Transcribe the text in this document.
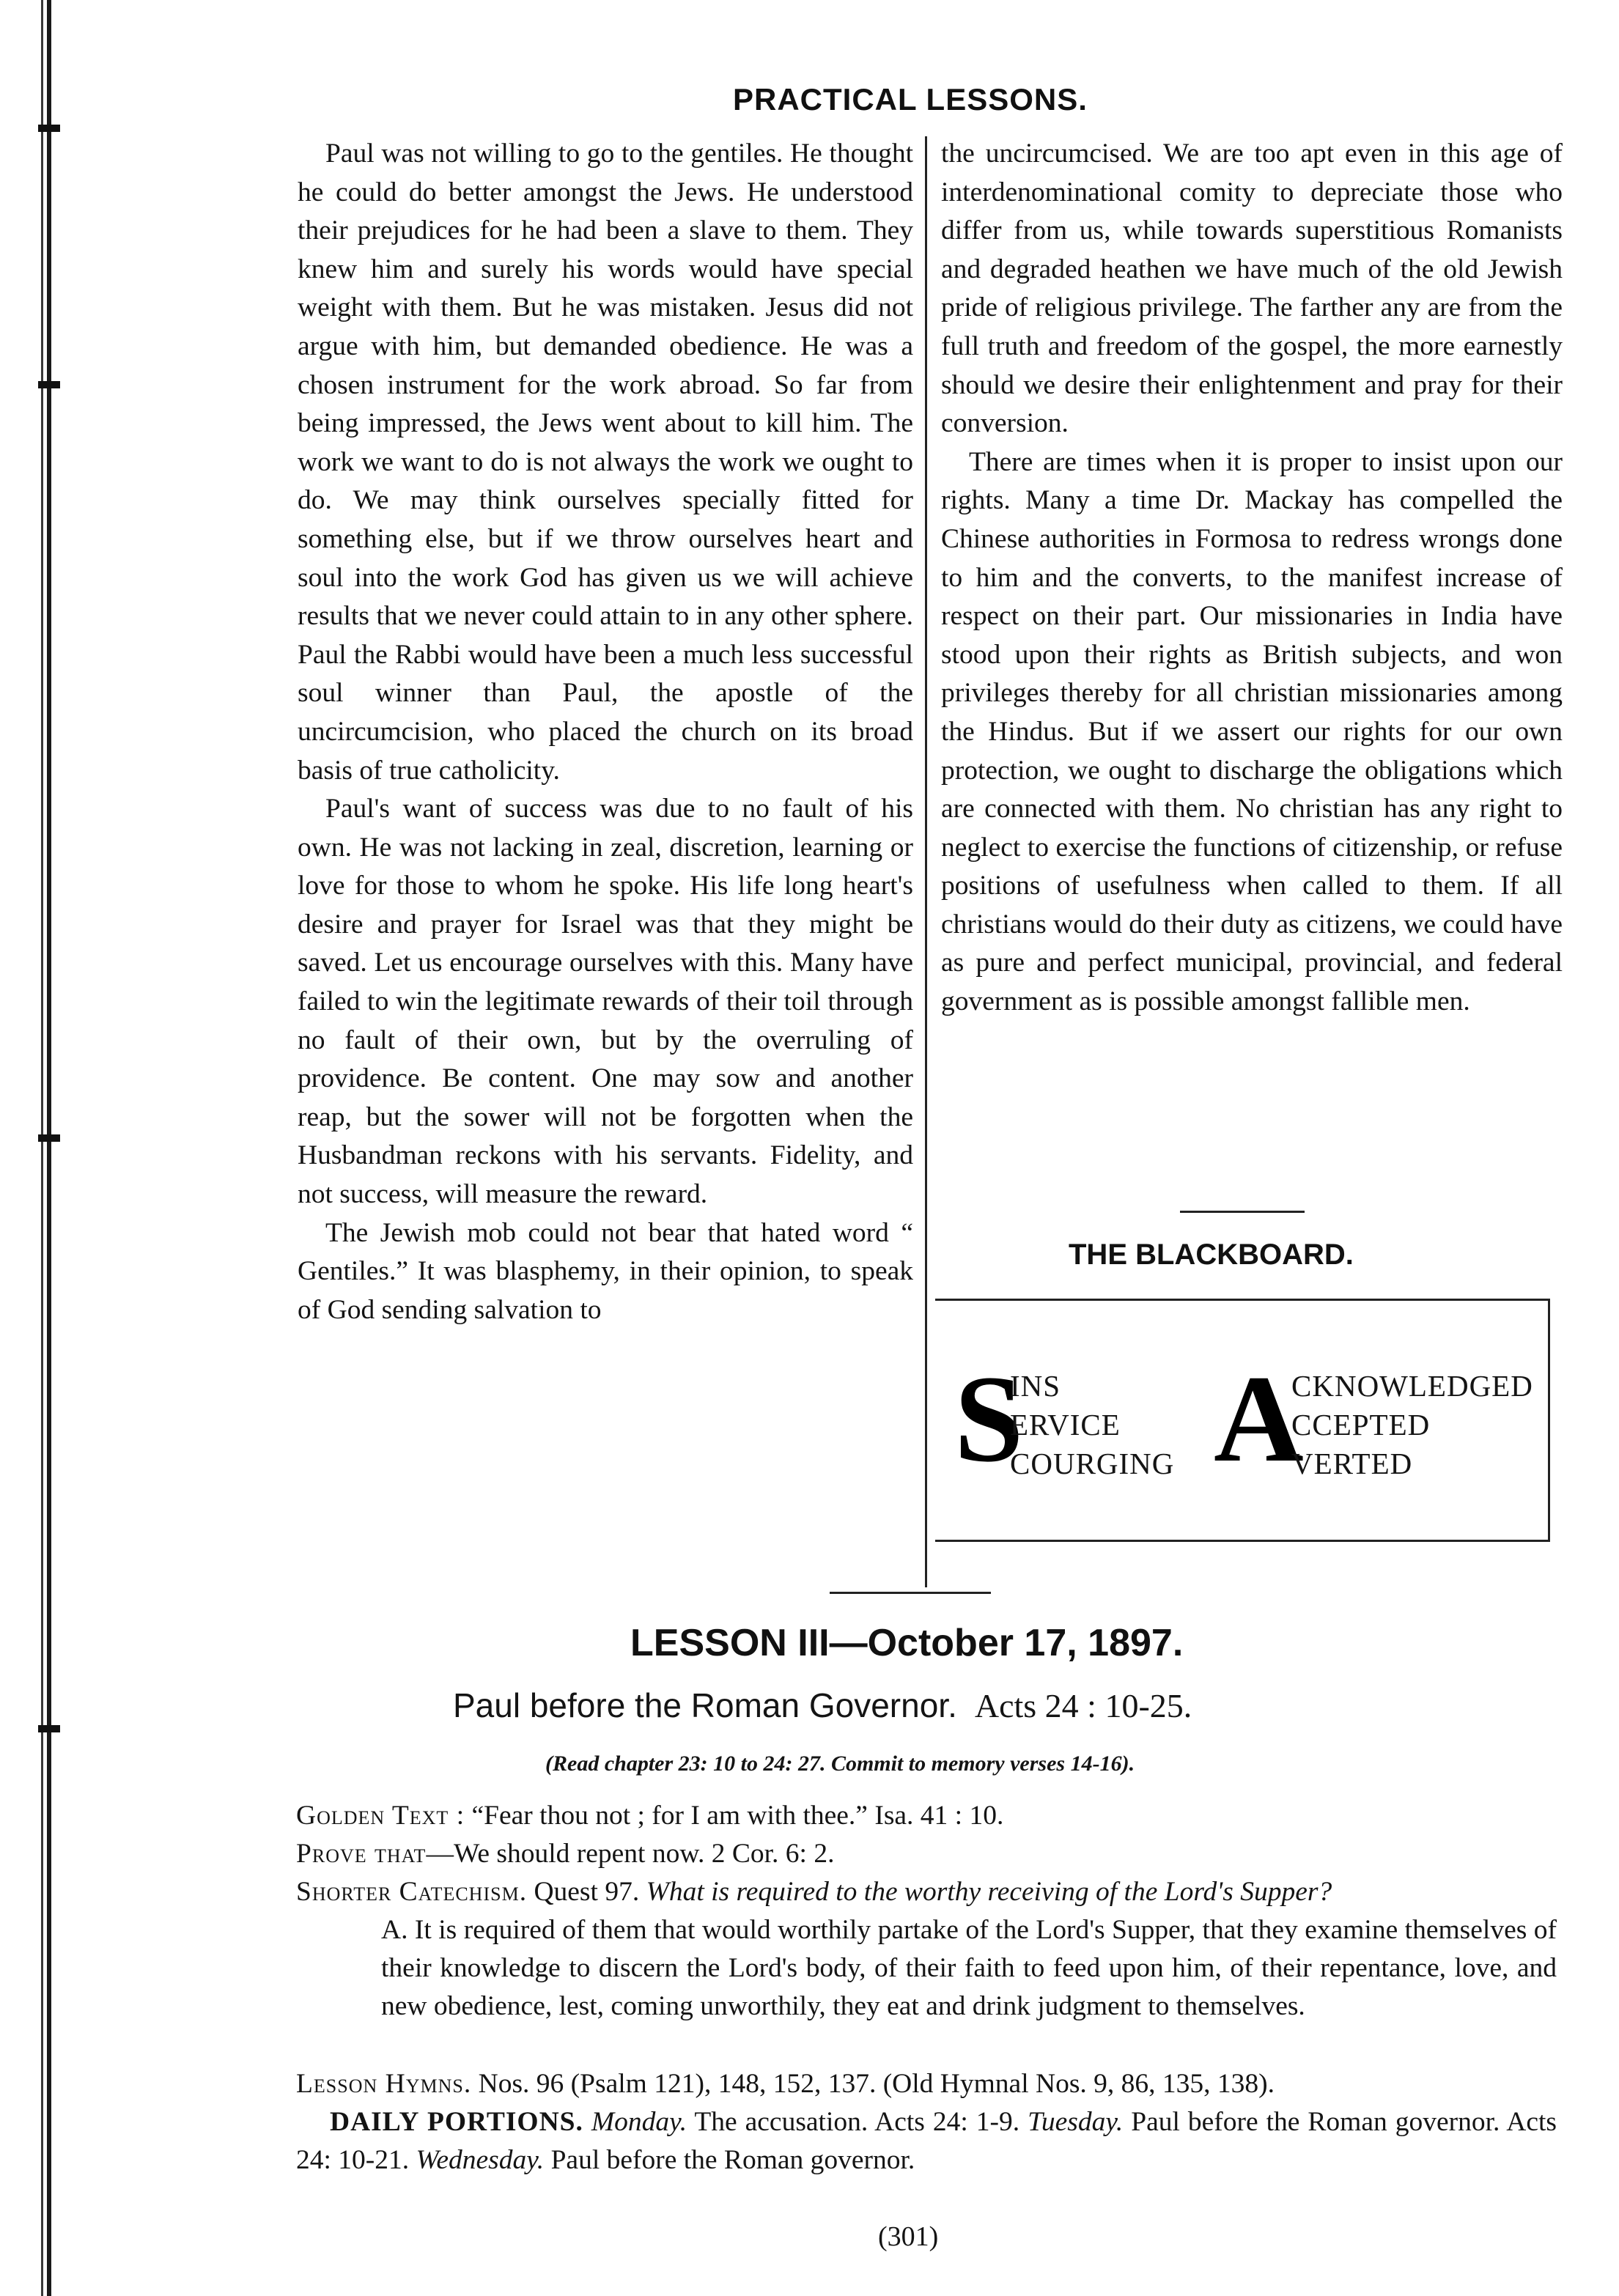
PRACTICAL LESSONS.

Paul was not willing to go to the gentiles. He thought he could do better amongst the Jews. He understood their prejudices for he had been a slave to them. They knew him and surely his words would have special weight with them. But he was mistaken. Jesus did not argue with him, but demanded obedience. He was a chosen instrument for the work abroad. So far from being impressed, the Jews went about to kill him. The work we want to do is not always the work we ought to do. We may think ourselves specially fitted for something else, but if we throw ourselves heart and soul into the work God has given us we will achieve results that we never could attain to in any other sphere. Paul the Rabbi would have been a much less successful soul winner than Paul, the apostle of the uncircumcision, who placed the church on its broad basis of true catholicity.

Paul's want of success was due to no fault of his own. He was not lacking in zeal, discretion, learning or love for those to whom he spoke. His life long heart's desire and prayer for Israel was that they might be saved. Let us encourage ourselves with this. Many have failed to win the legitimate rewards of their toil through no fault of their own, but by the overruling of providence. Be content. One may sow and another reap, but the sower will not be forgotten when the Husbandman reckons with his servants. Fidelity, and not success, will measure the reward.

The Jewish mob could not bear that hated word “ Gentiles.” It was blasphemy, in their opinion, to speak of God sending salvation to

the uncircumcised. We are too apt even in this age of interdenominational comity to depreciate those who differ from us, while towards superstitious Romanists and degraded heathen we have much of the old Jewish pride of religious privilege. The farther any are from the full truth and freedom of the gospel, the more earnestly should we desire their enlightenment and pray for their conversion.

There are times when it is proper to insist upon our rights. Many a time Dr. Mackay has compelled the Chinese authorities in Formosa to redress wrongs done to him and the converts, to the manifest increase of respect on their part. Our missionaries in India have stood upon their rights as British subjects, and won privileges thereby for all christian missionaries among the Hindus. But if we assert our rights for our own protection, we ought to discharge the obligations which are connected with them. No christian has any right to neglect to exercise the functions of citizenship, or refuse positions of usefulness when called to them. If all christians would do their duty as citizens, we could have as pure and perfect municipal, provincial, and federal government as is possible amongst fallible men.

THE BLACKBOARD.
S
INS
ERVICE
COURGING A
CKNOWLEDGED
CCEPTED
VERTED
LESSON III—October 17, 1897.
Paul before the Roman Governor. Acts 24 : 10-25.
(Read chapter 23: 10 to 24: 27. Commit to memory verses 14-16).
Golden Text : “Fear thou not ; for I am with thee.” Isa. 41 : 10.
Prove that—We should repent now. 2 Cor. 6: 2.
Shorter Catechism. Quest 97. What is required to the worthy receiving of the Lord's Supper?
A. It is required of them that would worthily partake of the Lord's Supper, that they examine themselves of their knowledge to discern the Lord's body, of their faith to feed upon him, of their repentance, love, and new obedience, lest, coming unworthily, they eat and drink judgment to themselves.
Lesson Hymns. Nos. 96 (Psalm 121), 148, 152, 137. (Old Hymnal Nos. 9, 86, 135, 138).
DAILY PORTIONS. Monday. The accusation. Acts 24: 1-9. Tuesday. Paul before the Roman governor. Acts 24: 10-21. Wednesday. Paul before the Roman governor.
(301)
